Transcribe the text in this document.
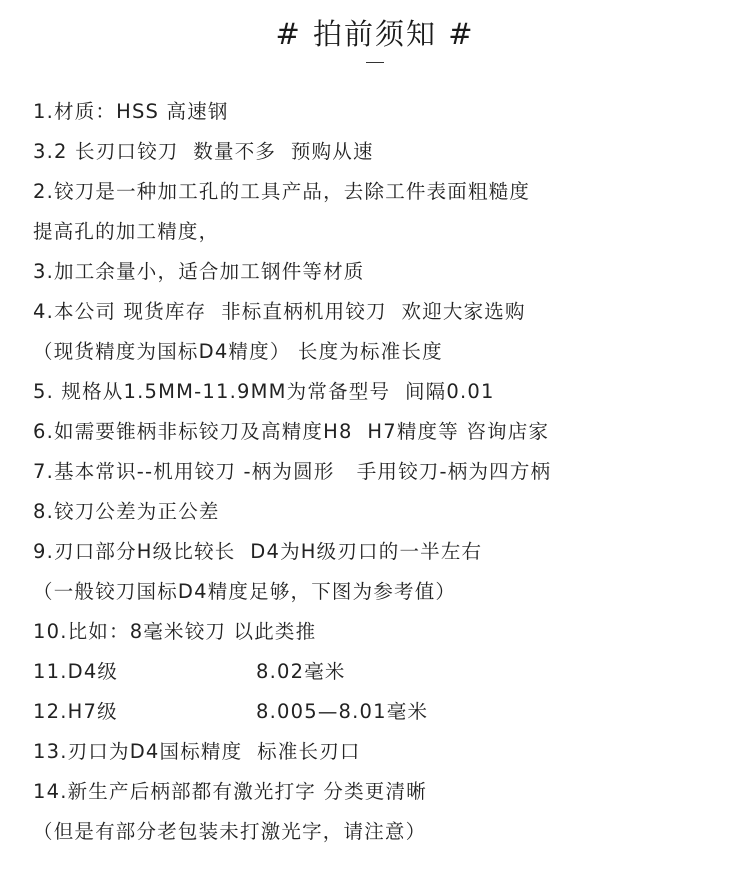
# 拍前须知 #
1.材质：HSS 高速钢
3.2 长刃口铰刀  数量不多  预购从速
2.铰刀是一种加工孔的工具产品，去除工件表面粗糙度
提高孔的加工精度，
3.加工余量小，适合加工钢件等材质
4.本公司 现货库存  非标直柄机用铰刀  欢迎大家选购
（现货精度为国标D4精度） 长度为标准长度
5. 规格从1.5MM-11.9MM为常备型号  间隔0.01
6.如需要锥柄非标铰刀及高精度H8  H7精度等 咨询店家
7.基本常识--机用铰刀 -柄为圆形   手用铰刀-柄为四方柄
8.铰刀公差为正公差
9.刃口部分H级比较长  D4为H级刃口的一半左右
（一般铰刀国标D4精度足够，下图为参考值）
10.比如：8毫米铰刀 以此类推
11.D4级	8.02毫米
12.H7级	8.005—8.01毫米
13.刃口为D4国标精度  标准长刃口
14.新生产后柄部都有激光打字 分类更清晰
（但是有部分老包装未打激光字，请注意）
